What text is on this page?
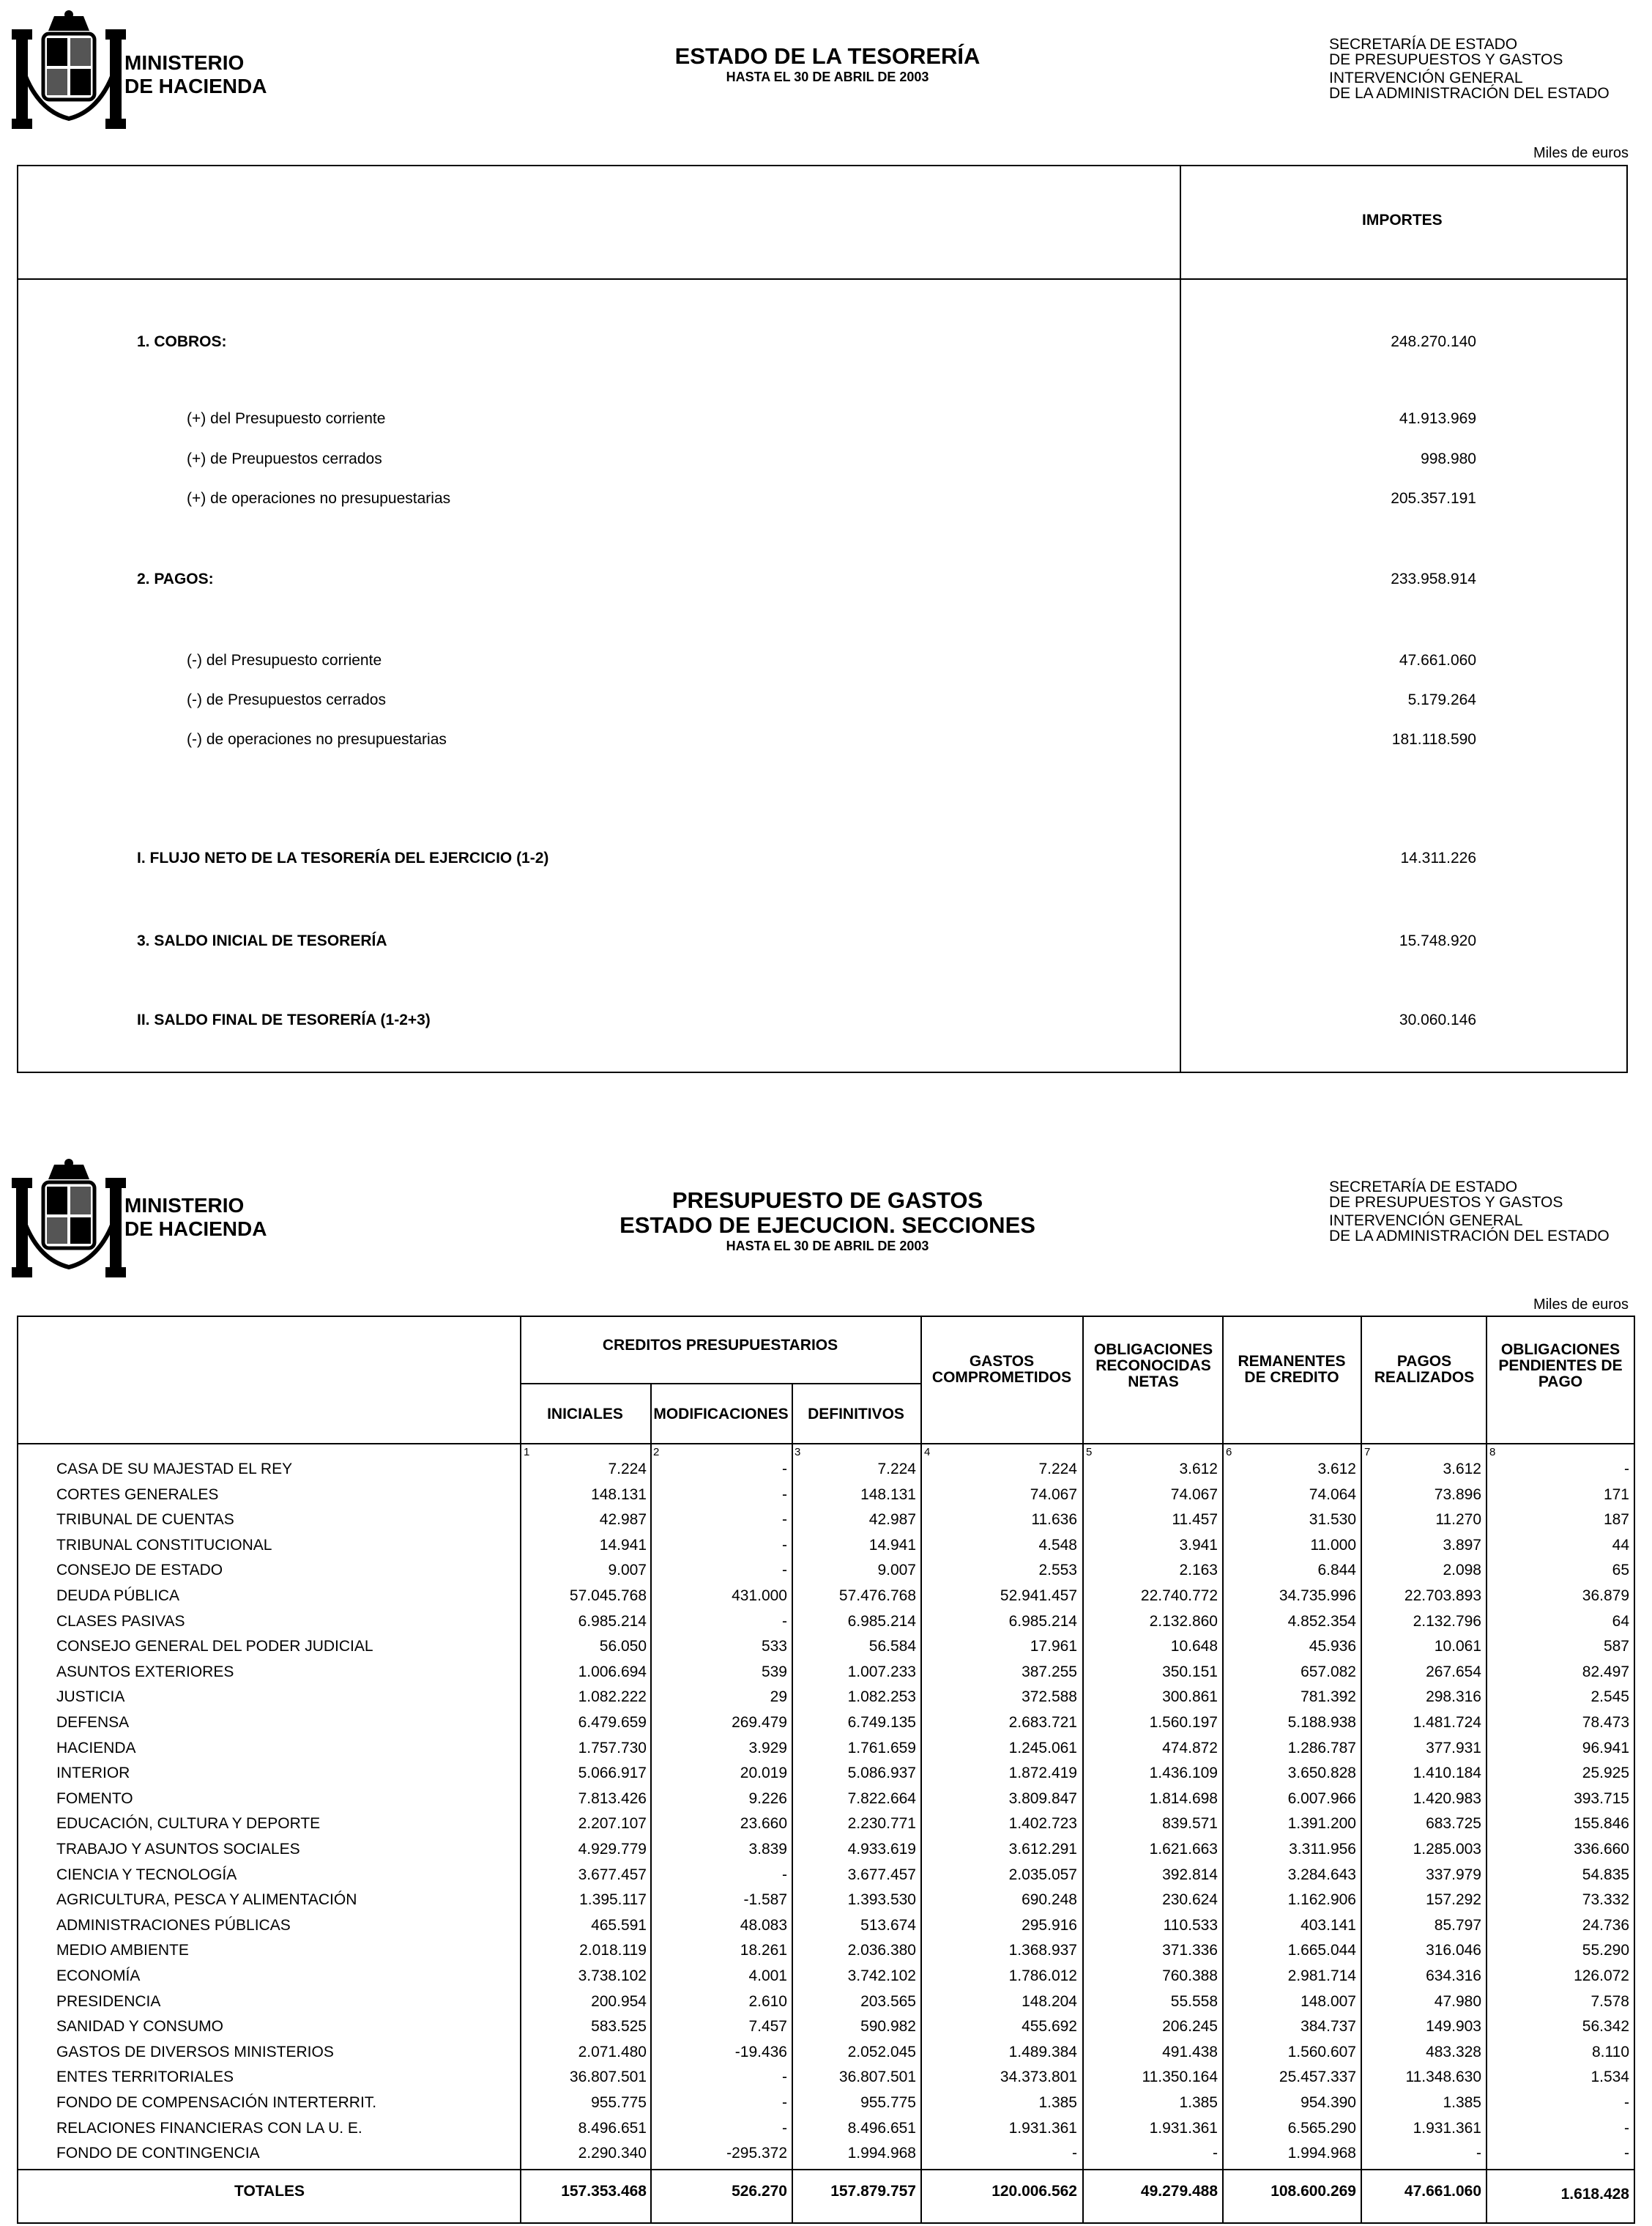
MINISTERIO
DE HACIENDA
ESTADO DE LA TESORERÍA
HASTA EL 30 DE ABRIL DE 2003
SECRETARÍA DE ESTADO
DE PRESUPUESTOS Y GASTOS
INTERVENCIÓN GENERAL
DE LA ADMINISTRACIÓN DEL ESTADO
Miles de euros
IMPORTES
1. COBROS:	248.270.140
(+) del Presupuesto corriente	41.913.969
(+) de Preupuestos cerrados	998.980
(+) de operaciones no presupuestarias	205.357.191
2. PAGOS:	233.958.914
(-) del Presupuesto corriente	47.661.060
(-) de Presupuestos cerrados	5.179.264
(-) de operaciones no presupuestarias	181.118.590
I. FLUJO NETO DE LA TESORERÍA DEL EJERCICIO (1-2)	14.311.226
3. SALDO INICIAL DE TESORERÍA	15.748.920
II. SALDO FINAL DE TESORERÍA (1-2+3)	30.060.146
MINISTERIO
DE HACIENDA
PRESUPUESTO DE GASTOS
ESTADO DE EJECUCION. SECCIONES
HASTA EL 30 DE ABRIL DE 2003
SECRETARÍA DE ESTADO
DE PRESUPUESTOS Y GASTOS
INTERVENCIÓN GENERAL
DE LA ADMINISTRACIÓN DEL ESTADO
Miles de euros
CREDITOS PRESUPUESTARIOS
INICIALES	MODIFICACIONES	DEFINITIVOS
GASTOS COMPROMETIDOS
OBLIGACIONES RECONOCIDAS NETAS
REMANENTES DE CREDITO
PAGOS REALIZADOS
OBLIGACIONES PENDIENTES DE PAGO
1	2	3	4	5	6	7	8
CASA DE SU MAJESTAD EL REY	7.224	-	7.224	7.224	3.612	3.612	3.612	-
CORTES GENERALES	148.131	-	148.131	74.067	74.067	74.064	73.896	171
TRIBUNAL DE CUENTAS	42.987	-	42.987	11.636	11.457	31.530	11.270	187
TRIBUNAL CONSTITUCIONAL	14.941	-	14.941	4.548	3.941	11.000	3.897	44
CONSEJO DE ESTADO	9.007	-	9.007	2.553	2.163	6.844	2.098	65
DEUDA PÚBLICA	57.045.768	431.000	57.476.768	52.941.457	22.740.772	34.735.996	22.703.893	36.879
CLASES PASIVAS	6.985.214	-	6.985.214	6.985.214	2.132.860	4.852.354	2.132.796	64
CONSEJO GENERAL DEL PODER JUDICIAL	56.050	533	56.584	17.961	10.648	45.936	10.061	587
ASUNTOS EXTERIORES	1.006.694	539	1.007.233	387.255	350.151	657.082	267.654	82.497
JUSTICIA	1.082.222	29	1.082.253	372.588	300.861	781.392	298.316	2.545
DEFENSA	6.479.659	269.479	6.749.135	2.683.721	1.560.197	5.188.938	1.481.724	78.473
HACIENDA	1.757.730	3.929	1.761.659	1.245.061	474.872	1.286.787	377.931	96.941
INTERIOR	5.066.917	20.019	5.086.937	1.872.419	1.436.109	3.650.828	1.410.184	25.925
FOMENTO	7.813.426	9.226	7.822.664	3.809.847	1.814.698	6.007.966	1.420.983	393.715
EDUCACIÓN, CULTURA Y DEPORTE	2.207.107	23.660	2.230.771	1.402.723	839.571	1.391.200	683.725	155.846
TRABAJO Y ASUNTOS SOCIALES	4.929.779	3.839	4.933.619	3.612.291	1.621.663	3.311.956	1.285.003	336.660
CIENCIA Y TECNOLOGÍA	3.677.457	-	3.677.457	2.035.057	392.814	3.284.643	337.979	54.835
AGRICULTURA, PESCA Y ALIMENTACIÓN	1.395.117	-1.587	1.393.530	690.248	230.624	1.162.906	157.292	73.332
ADMINISTRACIONES PÚBLICAS	465.591	48.083	513.674	295.916	110.533	403.141	85.797	24.736
MEDIO AMBIENTE	2.018.119	18.261	2.036.380	1.368.937	371.336	1.665.044	316.046	55.290
ECONOMÍA	3.738.102	4.001	3.742.102	1.786.012	760.388	2.981.714	634.316	126.072
PRESIDENCIA	200.954	2.610	203.565	148.204	55.558	148.007	47.980	7.578
SANIDAD Y CONSUMO	583.525	7.457	590.982	455.692	206.245	384.737	149.903	56.342
GASTOS DE DIVERSOS MINISTERIOS	2.071.480	-19.436	2.052.045	1.489.384	491.438	1.560.607	483.328	8.110
ENTES TERRITORIALES	36.807.501	-	36.807.501	34.373.801	11.350.164	25.457.337	11.348.630	1.534
FONDO DE COMPENSACIÓN INTERTERRIT.	955.775	-	955.775	1.385	1.385	954.390	1.385	-
RELACIONES FINANCIERAS CON LA U. E.	8.496.651	-	8.496.651	1.931.361	1.931.361	6.565.290	1.931.361	-
FONDO DE CONTINGENCIA	2.290.340	-295.372	1.994.968	-	-	1.994.968	-	-
TOTALES	157.353.468	526.270	157.879.757	120.006.562	49.279.488	108.600.269	47.661.060	1.618.428
